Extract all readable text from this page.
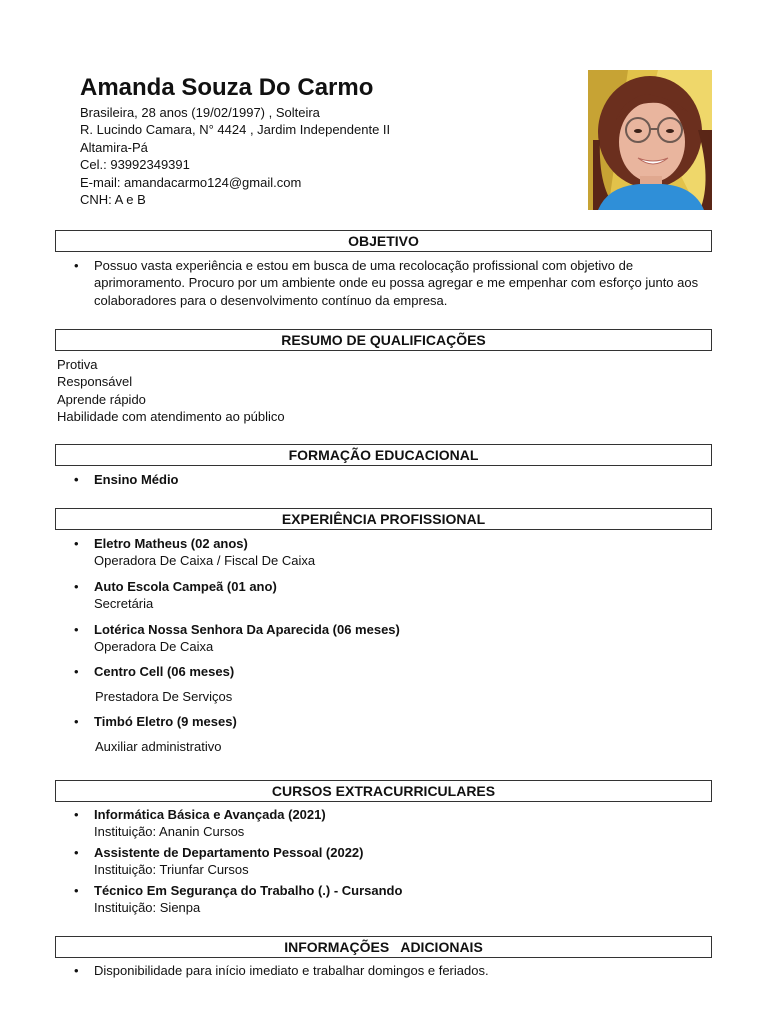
Amanda Souza Do Carmo
Brasileira, 28 anos (19/02/1997) , Solteira
R. Lucindo Camara, N° 4424 , Jardim Independente II
Altamira-Pá
Cel.: 93992349391
E-mail: amandacarmo124@gmail.com
CNH: A e B
OBJETIVO
• Possuo vasta experiência e estou em busca de uma recolocação profissional com objetivo de aprimoramento. Procuro por um ambiente onde eu possa agregar e me empenhar com esforço junto aos colaboradores para o desenvolvimento contínuo da empresa.
RESUMO DE QUALIFICAÇÕES
Protiva
Responsável
Aprende rápido
Habilidade com atendimento ao público
FORMAÇÃO EDUCACIONAL
• Ensino Médio
EXPERIÊNCIA PROFISSIONAL
• Eletro Matheus (02 anos)
Operadora De Caixa / Fiscal De Caixa
• Auto Escola Campeã (01 ano)
Secretária
• Lotérica Nossa Senhora Da Aparecida (06 meses)
Operadora De Caixa
• Centro Cell (06 meses)
Prestadora De Serviços
• Timbó Eletro (9 meses)
Auxiliar administrativo
CURSOS EXTRACURRICULARES
• Informática Básica e Avançada (2021)
Instituição: Ananin Cursos
• Assistente de Departamento Pessoal (2022)
Instituição: Triunfar Cursos
• Técnico Em Segurança do Trabalho (.) - Cursando
Instituição: Sienpa
INFORMAÇÕES   ADICIONAIS
• Disponibilidade para início imediato e trabalhar domingos e feriados.
